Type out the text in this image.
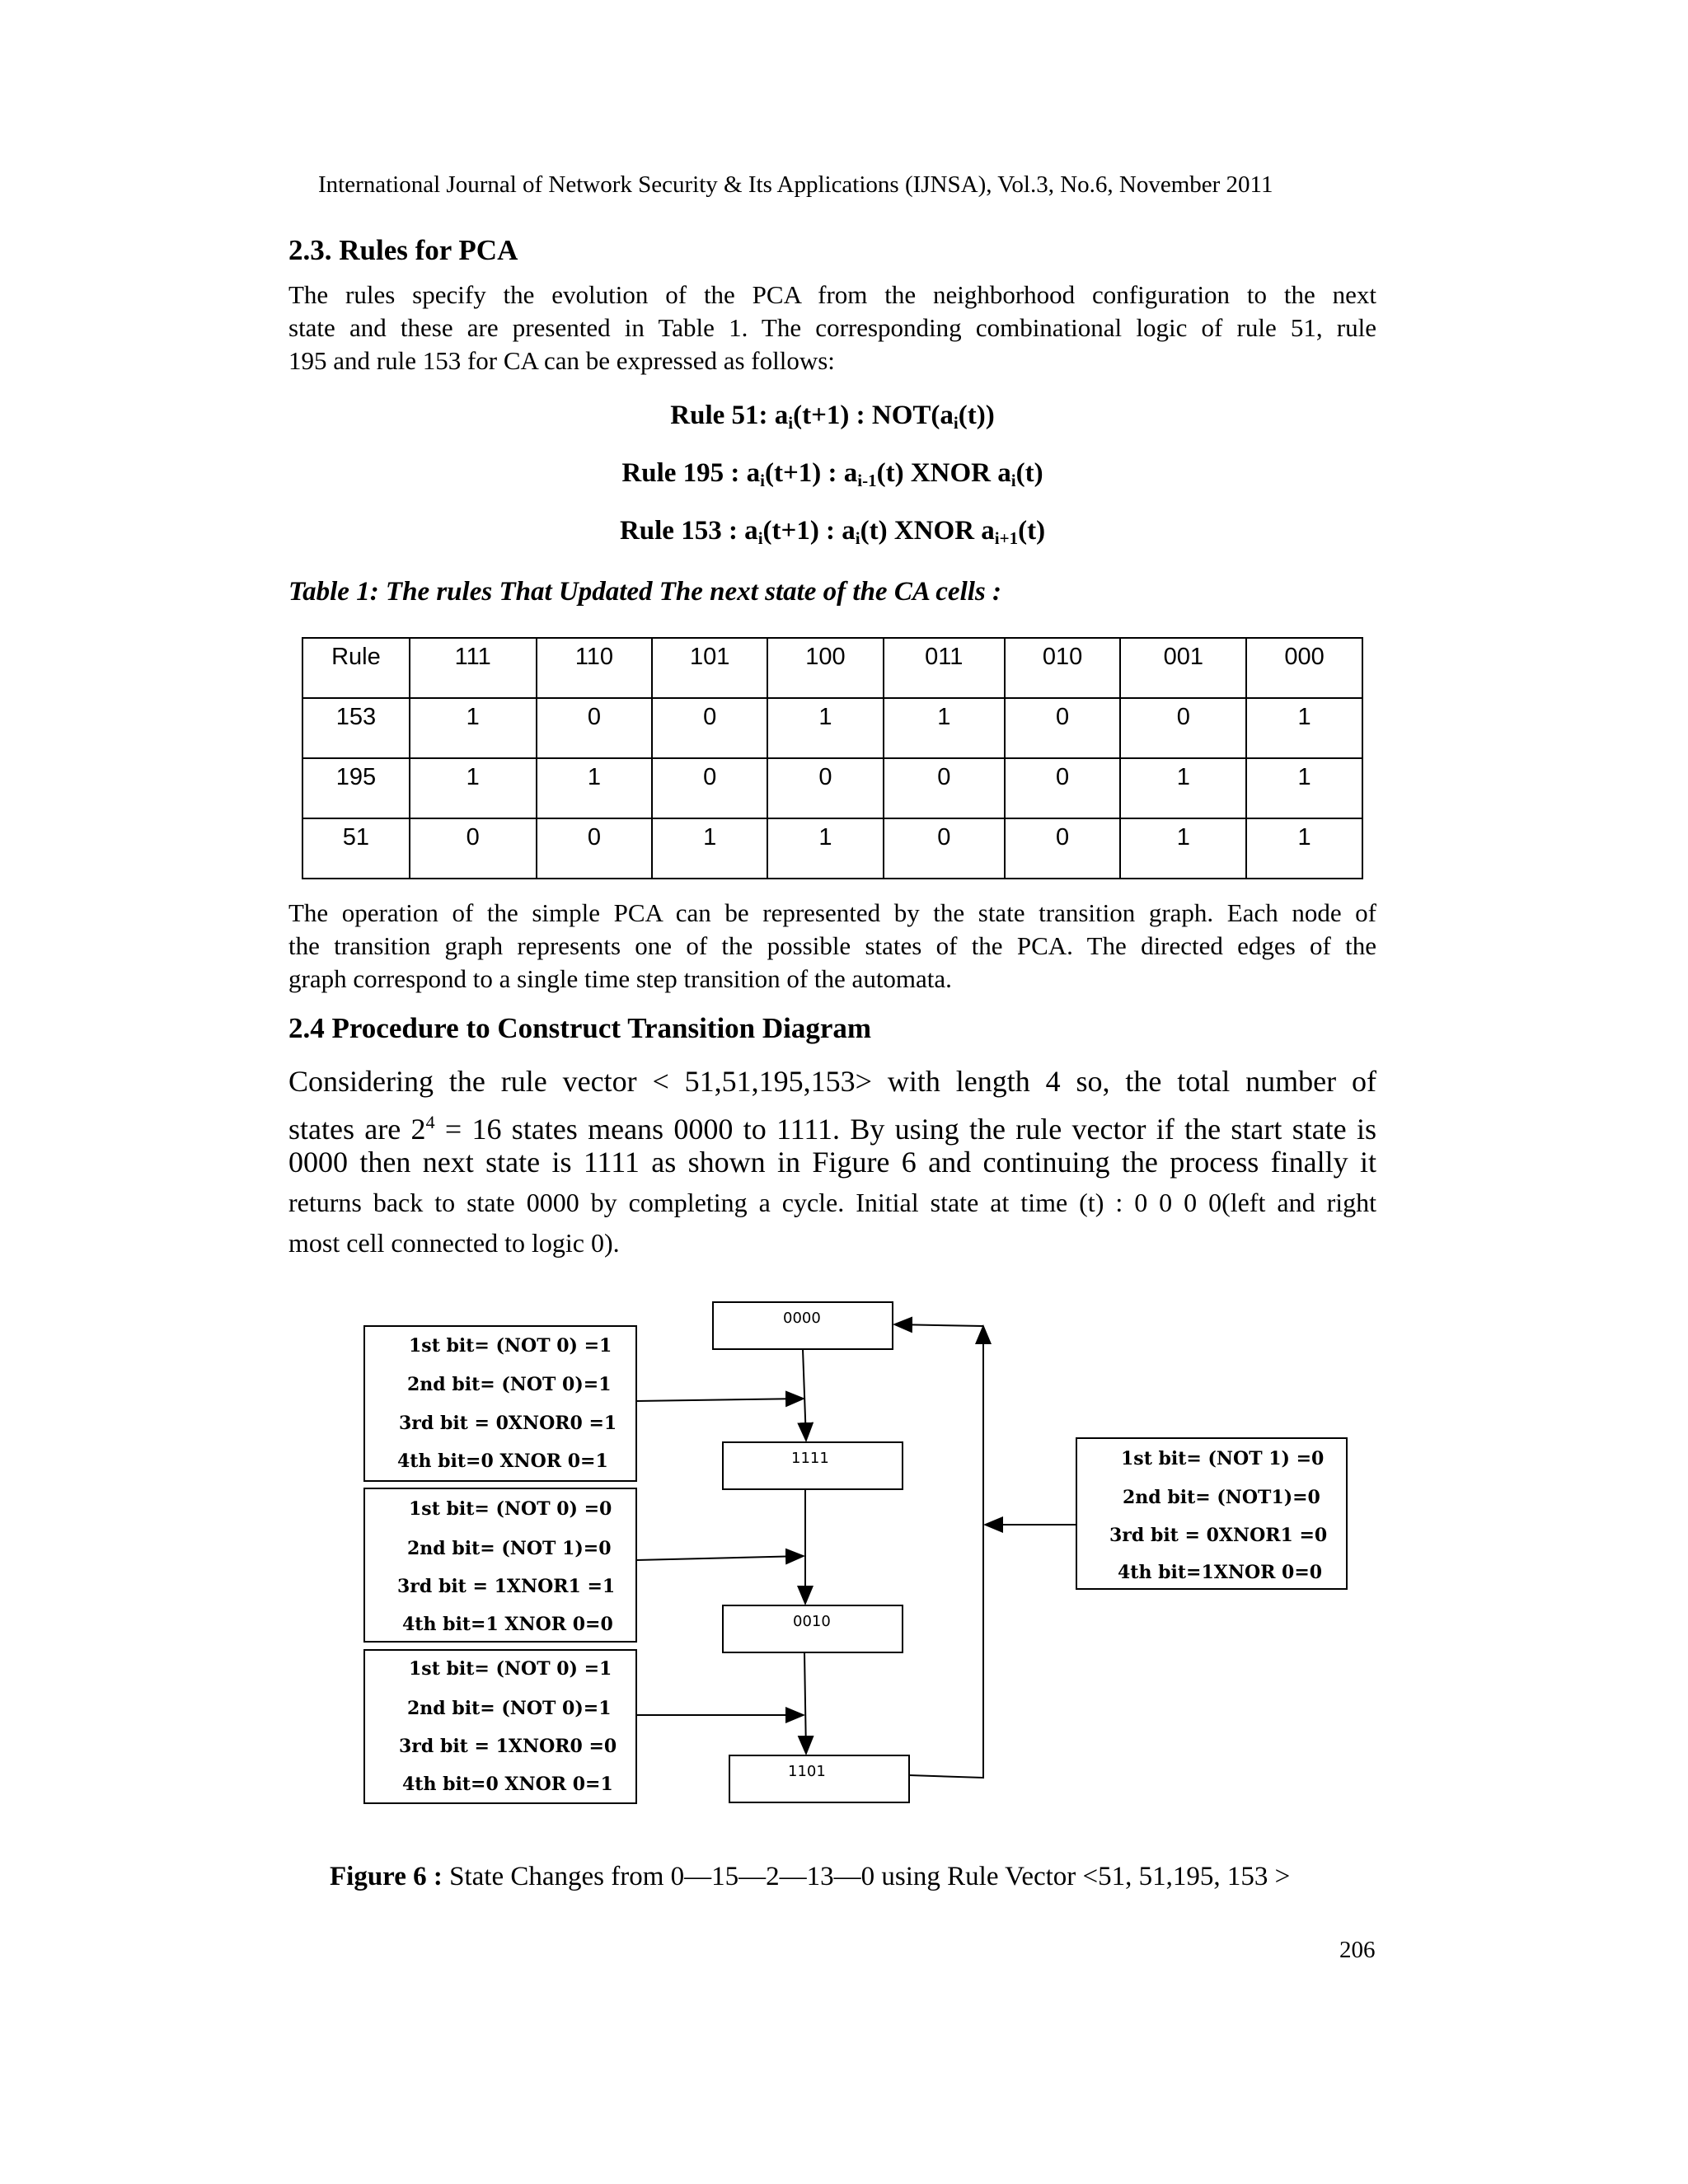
International Journal of Network Security & Its Applications (IJNSA), Vol.3, No.6, November 2011
2.3. Rules for PCA
The rules specify the evolution of the PCA from the neighborhood configuration to the next
state and these are presented in Table 1. The corresponding combinational logic of rule 51, rule
195 and rule 153 for CA can be expressed as follows:
Rule 51: $a_i(t+1)$ : $NOT(a_i(t))$
Rule 195 : $a_i(t+1)$ : $a_{i-1}(t)$ XNOR $a_i(t)$
Rule 153 : $a_i(t+1)$ : $a_i(t)$ XNOR $a_{i+1}(t)$
Table 1: The rules That Updated The next state of the CA cells :
Rule	111	110	101	100	011	010	001	000
153	1	0	0	1	1	0	0	1
195	1	1	0	0	0	0	1	1
51	0	0	1	1	0	0	1	1
The operation of the simple PCA can be represented by the state transition graph. Each node of
the transition graph represents one of the possible states of the PCA. The directed edges of the
graph correspond to a single time step transition of the automata.
2.4 Procedure to Construct Transition Diagram
Considering the rule vector < 51,51,195,153> with length 4 so, the total number of
states are $2^4 = 16$ states means 0000 to 1111. By using the rule vector if the start state is
0000 then next state is 1111 as shown in Figure 6 and continuing the process finally it
returns back to state 0000 by completing a cycle. Initial state at time (t) : 0 0 0 0(left and right
most cell connected to logic 0).
0000
1111
0010
1101
1st bit= (NOT 0) =1
2nd bit= (NOT 0)=1
3rd bit = 0XNOR0 =1
4th bit=0 XNOR 0=1
1st bit= (NOT 0) =0
2nd bit= (NOT 1)=0
3rd bit = 1XNOR1 =1
4th bit=1 XNOR 0=0
1st bit= (NOT 0) =1
2nd bit= (NOT 0)=1
3rd bit = 1XNOR0 =0
4th bit=0 XNOR 0=1
1st bit= (NOT 1) =0
2nd bit= (NOT1)=0
3rd bit = 0XNOR1 =0
4th bit=1XNOR 0=0
Figure 6 : State Changes from 0—15—2—13—0 using Rule Vector <51, 51,195, 153 >
206
